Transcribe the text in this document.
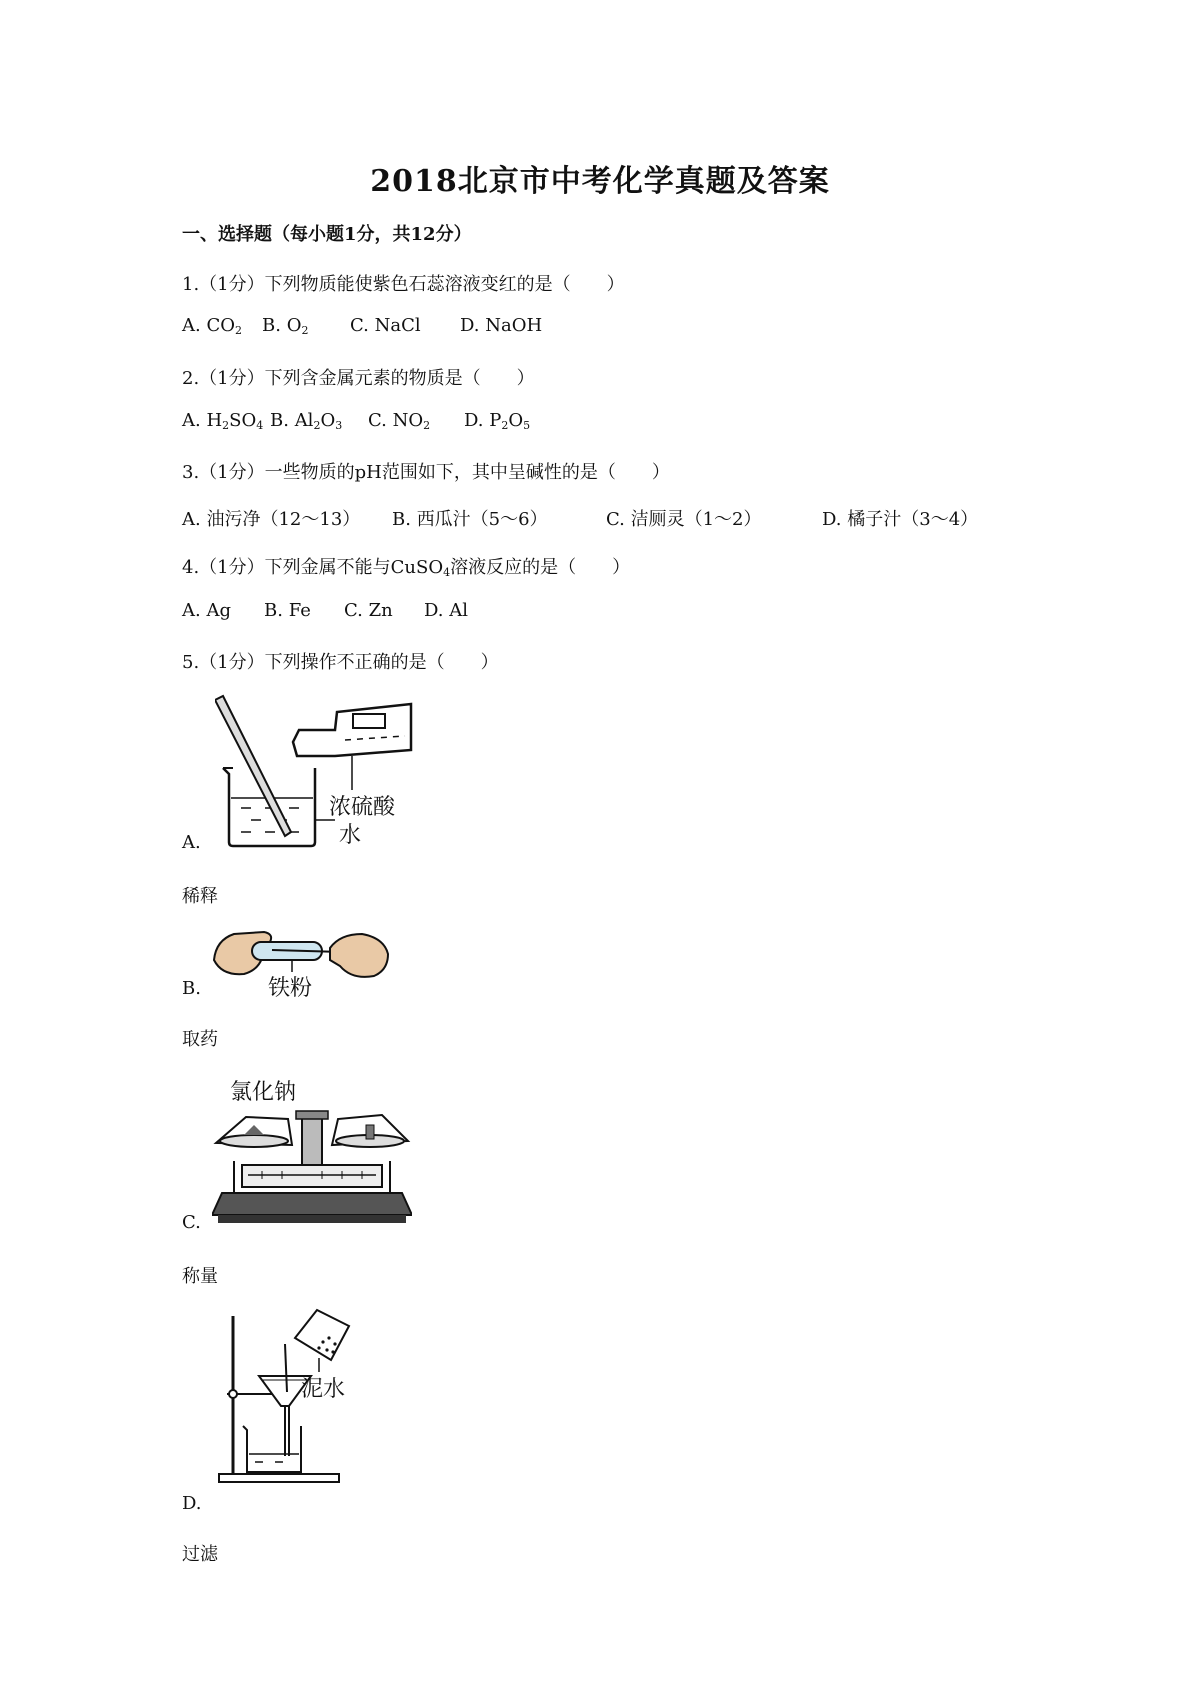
2018北京市中考化学真题及答案
一、选择题（每小题1分，共12分）
1.（1分）下列物质能使紫色石蕊溶液变红的是（　　）
A. $CO_2$ B. $O_2$ C. NaCl D. NaOH
2.（1分）下列含金属元素的物质是（　　）
A. $H_2SO_4$ B. $Al_2O_3$ C. $NO_2$ D. $P_2O_5$
3.（1分）一些物质的pH范围如下，其中呈碱性的是（　　）
A. 油污净（12～13） B. 西瓜汁（5～6）	C. 洁厕灵（1～2）	D. 橘子汁（3～4）
4.（1分）下列金属不能与CuSO$_4$溶液反应的是（　　）
A. Ag B. Fe C. Zn D. Al
5.（1分）下列操作不正确的是（　　）
浓硫酸
水
A.
稀释
铁粉
B.
取药
氯化钠
C.
称量
泥水
D.
过滤
